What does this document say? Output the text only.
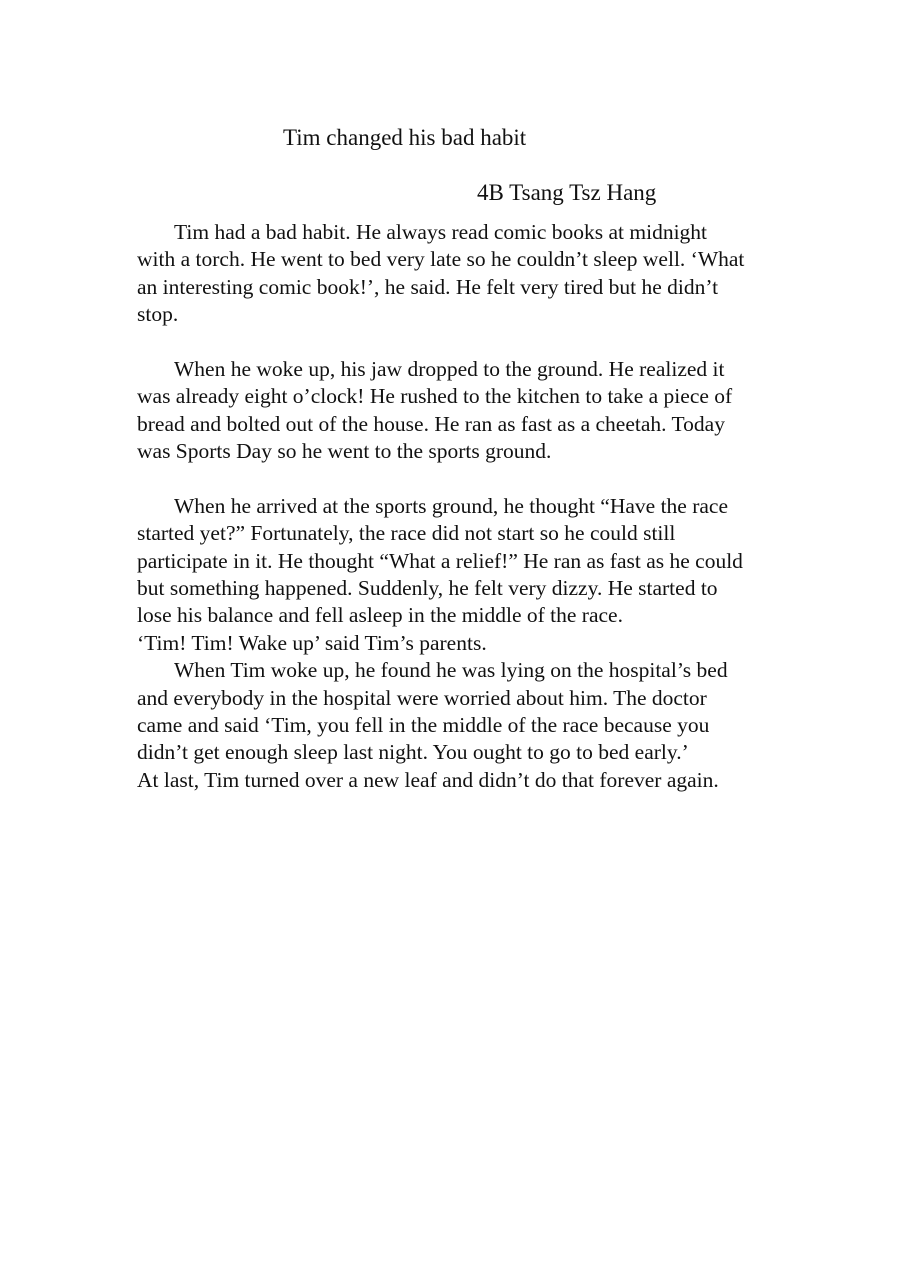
Tim changed his bad habit
4B Tsang Tsz Hang
Tim had a bad habit. He always read comic books at midnight
with a torch. He went to bed very late so he couldn’t sleep well. ‘What
an interesting comic book!’, he said. He felt very tired but he didn’t
stop.
When he woke up, his jaw dropped to the ground. He realized it
was already eight o’clock! He rushed to the kitchen to take a piece of
bread and bolted out of the house. He ran as fast as a cheetah. Today
was Sports Day so he went to the sports ground.
When he arrived at the sports ground, he thought “Have the race
started yet?” Fortunately, the race did not start so he could still
participate in it. He thought “What a relief!” He ran as fast as he could
but something happened. Suddenly, he felt very dizzy. He started to
lose his balance and fell asleep in the middle of the race.
‘Tim! Tim! Wake up’ said Tim’s parents.
When Tim woke up, he found he was lying on the hospital’s bed
and everybody in the hospital were worried about him. The doctor
came and said ‘Tim, you fell in the middle of the race because you
didn’t get enough sleep last night. You ought to go to bed early.’
At last, Tim turned over a new leaf and didn’t do that forever again.
